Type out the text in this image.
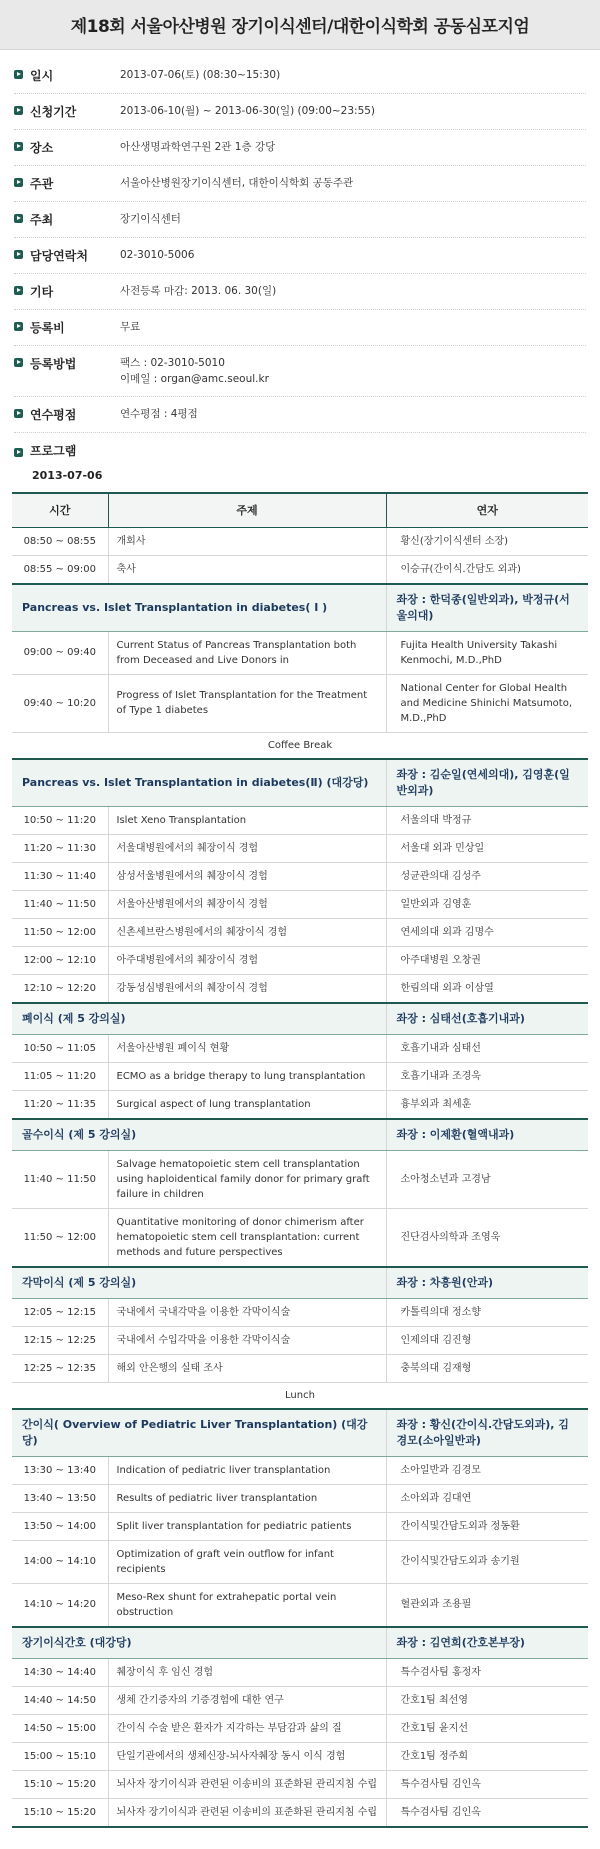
제18회 서울아산병원 장기이식센터/대한이식학회 공동심포지엄
일시	2013-07-06(토) (08:30~15:30)
신청기간	2013-06-10(월) ~ 2013-06-30(일) (09:00~23:55)
장소	아산생명과학연구원 2관 1층 강당
주관	서울아산병원장기이식센터, 대한이식학회 공동주관
주최	장기이식센터
담당연락처	02-3010-5006
기타	사전등록 마감: 2013. 06. 30(일)
등록비	무료
등록방법	팩스 : 02-3010-5010
이메일 : organ@amc.seoul.kr
연수평점	연수평점 : 4평점
프로그램
2013-07-06
시간	주제	연자
08:50 ~ 08:55	개회사	황신(장기이식센터 소장)
08:55 ~ 09:00	축사	이승규(간이식.간담도 외과)
Pancreas vs. Islet Transplantation in diabetes( I )		좌장 : 한덕종(일반외과), 박정규(서울의대)
09:00 ~ 09:40	Current Status of Pancreas Transplantation both from Deceased and Live Donors in	Fujita Health University Takashi Kenmochi, M.D.,PhD
09:40 ~ 10:20	Progress of Islet Transplantation for the Treatment of Type 1 diabetes	National Center for Global Health and Medicine Shinichi Matsumoto, M.D.,PhD
Coffee Break		
Pancreas vs. Islet Transplantation in diabetes(Ⅱ) (대강당)		좌장 : 김순일(연세의대), 김영훈(일반외과)
10:50 ~ 11:20	Islet Xeno Transplantation	서울의대 박정규
11:20 ~ 11:30	서울대병원에서의 췌장이식 경험	서울대 외과 민상일
11:30 ~ 11:40	삼성서울병원에서의 췌장이식 경험	성균관의대 김성주
11:40 ~ 11:50	서울아산병원에서의 췌장이식 경험	일반외과 김영훈
11:50 ~ 12:00	신촌세브란스병원에서의 췌장이식 경험	연세의대 외과 김명수
12:00 ~ 12:10	아주대병원에서의 췌장이식 경험	아주대병원 오창권
12:10 ~ 12:20	강동성심병원에서의 췌장이식 경험	한림의대 외과 이삼열
폐이식 (제 5 강의실)		좌장 : 심태선(호흡기내과)
10:50 ~ 11:05	서울아산병원 폐이식 현황	호흡기내과 심태선
11:05 ~ 11:20	ECMO as a bridge therapy to lung transplantation	호흡기내과 조경욱
11:20 ~ 11:35	Surgical aspect of lung transplantation	흉부외과 최세훈
골수이식 (제 5 강의실)		좌장 : 이제환(혈액내과)
11:40 ~ 11:50	Salvage hematopoietic stem cell transplantation using haploidentical family donor for primary graft failure in children	소아청소년과 고경남
11:50 ~ 12:00	Quantitative monitoring of donor chimerism after hematopoietic stem cell transplantation: current methods and future perspectives	진단검사의학과 조영욱
각막이식 (제 5 강의실)		좌장 : 차흥원(안과)
12:05 ~ 12:15	국내에서 국내각막을 이용한 각막이식술	카톨릭의대 정소향
12:15 ~ 12:25	국내에서 수입각막을 이용한 각막이식술	인제의대 김진형
12:25 ~ 12:35	해외 안은행의 실태 조사	충북의대 김재형
Lunch		
간이식( Overview of Pediatric Liver Transplantation) (대강당)		좌장 : 황신(간이식.간담도외과), 김경모(소아일반과)
13:30 ~ 13:40	Indication of pediatric liver transplantation	소아일반과 김경모
13:40 ~ 13:50	Results of pediatric liver transplantation	소아외과 김대연
13:50 ~ 14:00	Split liver transplantation for pediatric patients	간이식및간담도외과 정동환
14:00 ~ 14:10	Optimization of graft vein outflow for infant recipients	간이식및간담도외과 송기원
14:10 ~ 14:20	Meso-Rex shunt for extrahepatic portal vein obstruction	혈관외과 조용필
장기이식간호 (대강당)		좌장 : 김연희(간호본부장)
14:30 ~ 14:40	췌장이식 후 임신 경험	특수검사팀 홍정자
14:40 ~ 14:50	생체 간기증자의 기증경험에 대한 연구	간호1팀 최선영
14:50 ~ 15:00	간이식 수술 받은 환자가 지각하는 부담감과 삶의 질	간호1팀 윤지선
15:00 ~ 15:10	단일기관에서의 생체신장-뇌사자췌장 동시 이식 경험	간호1팀 정주희
15:10 ~ 15:20	뇌사자 장기이식과 관련된 이송비의 표준화된 관리지침 수립	특수검사팀 김인옥
15:10 ~ 15:20	뇌사자 장기이식과 관련된 이송비의 표준화된 관리지침 수립	특수검사팀 김인옥
